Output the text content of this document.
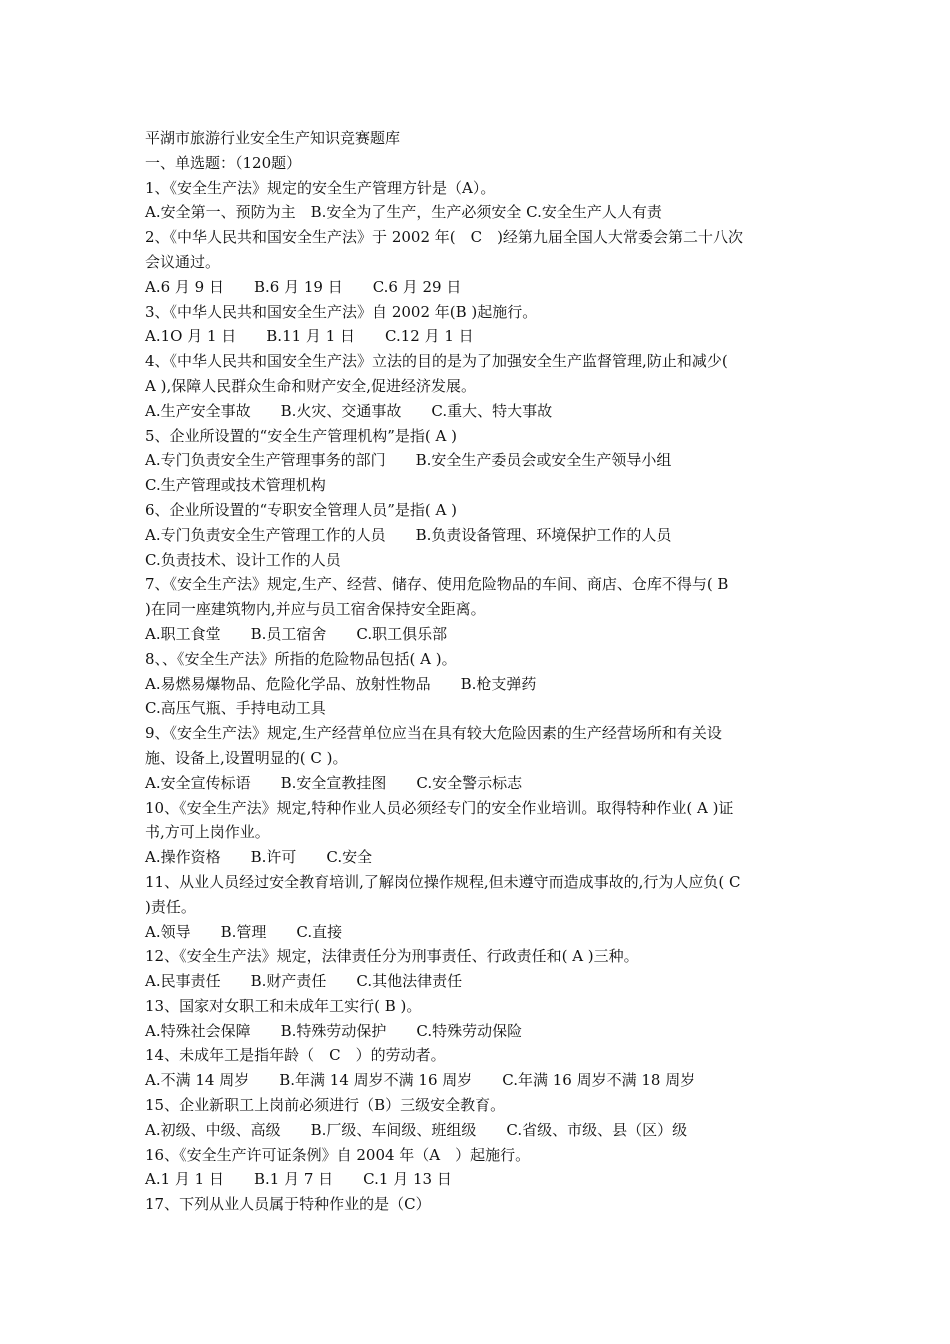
平湖市旅游行业安全生产知识竞赛题库
一、单选题：（120题）
1、《安全生产法》规定的安全生产管理方针是（A）。
A.安全第一、预防为主　B.安全为了生产，生产必须安全 C.安全生产人人有责
2、《中华人民共和国安全生产法》于 2002 年(　C　)经第九届全国人大常委会第二十八次
会议通过。
A.6 月 9 日　　B.6 月 19 日　　C.6 月 29 日
3、《中华人民共和国安全生产法》自 2002 年(B )起施行。
A.1O 月 1 日　　B.11 月 1 日　　C.12 月 1 日
4、《中华人民共和国安全生产法》立法的目的是为了加强安全生产监督管理,防止和减少(
A ),保障人民群众生命和财产安全,促进经济发展。
A.生产安全事故　　B.火灾、交通事故　　C.重大、特大事故
5、企业所设置的“安全生产管理机构”是指( A )
A.专门负责安全生产管理事务的部门　　B.安全生产委员会或安全生产领导小组
C.生产管理或技术管理机构
6、企业所设置的“专职安全管理人员”是指( A )
A.专门负责安全生产管理工作的人员　　B.负责设备管理、环境保护工作的人员
C.负责技术、设计工作的人员
7、《安全生产法》规定,生产、经营、储存、使用危险物品的车间、商店、仓库不得与( B
)在同一座建筑物内,并应与员工宿舍保持安全距离。
A.职工食堂　　B.员工宿舍　　C.职工俱乐部
8、、《安全生产法》所指的危险物品包括( A )。
A.易燃易爆物品、危险化学品、放射性物品　　B.枪支弹药
C.高压气瓶、手持电动工具
9、《安全生产法》规定,生产经营单位应当在具有较大危险因素的生产经营场所和有关设
施、设备上,设置明显的( C )。
A.安全宣传标语　　B.安全宣教挂图　　C.安全警示标志
10、《安全生产法》规定,特种作业人员必须经专门的安全作业培训。取得特种作业( A )证
书,方可上岗作业。
A.操作资格　　B.许可　　C.安全
11、从业人员经过安全教育培训,了解岗位操作规程,但未遵守而造成事故的,行为人应负( C
)责任。
A.领导　　B.管理　　C.直接
12、《安全生产法》规定，法律责任分为刑事责任、行政责任和( A )三种。
A.民事责任　　B.财产责任　　C.其他法律责任
13、国家对女职工和未成年工实行( B )。
A.特殊社会保障　　B.特殊劳动保护　　C.特殊劳动保险
14、未成年工是指年龄（　C　）的劳动者。
A.不满 14 周岁　　B.年满 14 周岁不满 16 周岁　　C.年满 16 周岁不满 18 周岁
15、企业新职工上岗前必须进行（B）三级安全教育。
A.初级、中级、高级　　B.厂级、车间级、班组级　　C.省级、市级、县（区）级
16、《安全生产许可证条例》自 2004 年（A　）起施行。
A.1 月 1 日　　B.1 月 7 日　　C.1 月 13 日
17、下列从业人员属于特种作业的是（C）
